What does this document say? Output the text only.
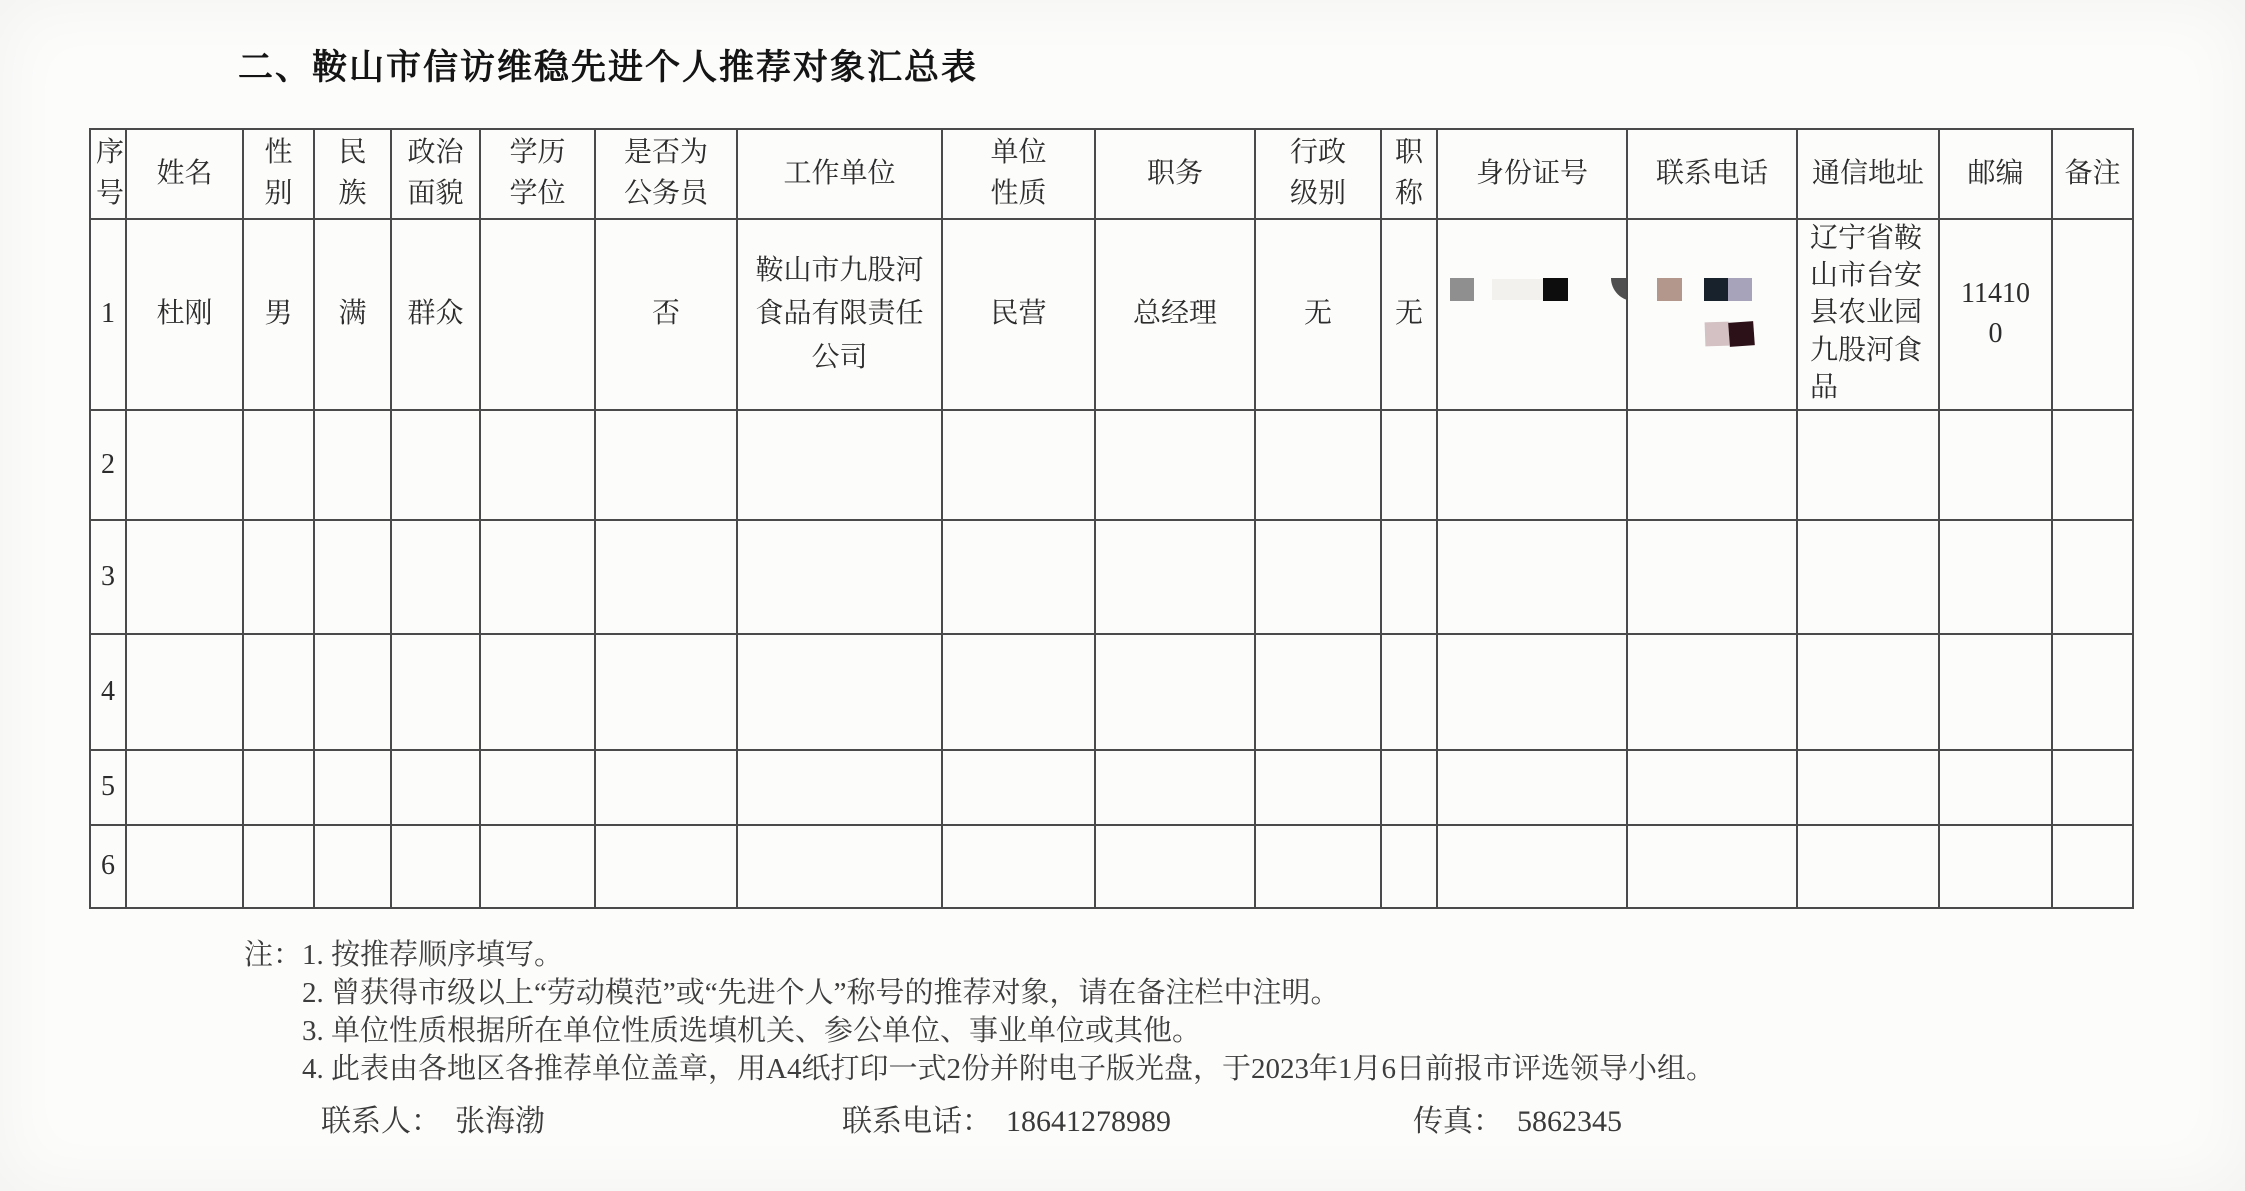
二、鞍山市信访维稳先进个人推荐对象汇总表
序号	姓名	性别	民族	政治面貌	学历学位	是否为公务员	工作单位	单位性质	职务	行政级别	职称	身份证号	联系电话	通信地址	邮编	备注
1	杜刚	男	满	群众		否	鞍山市九股河食品有限责任公司	民营	总经理	无	无			辽宁省鞍山市台安县农业园九股河食品	114100	
2																
3																
4																
5																
6																
注： 1. 按推荐顺序填写。
2. 曾获得市级以上“劳动模范”或“先进个人”称号的推荐对象，请在备注栏中注明。
3. 单位性质根据所在单位性质选填机关、参公单位、事业单位或其他。
4. 此表由各地区各推荐单位盖章，用A4纸打印一式2份并附电子版光盘，于2023年1月6日前报市评选领导小组。
联系人： 张海渤	联系电话： 18641278989	传真： 5862345
